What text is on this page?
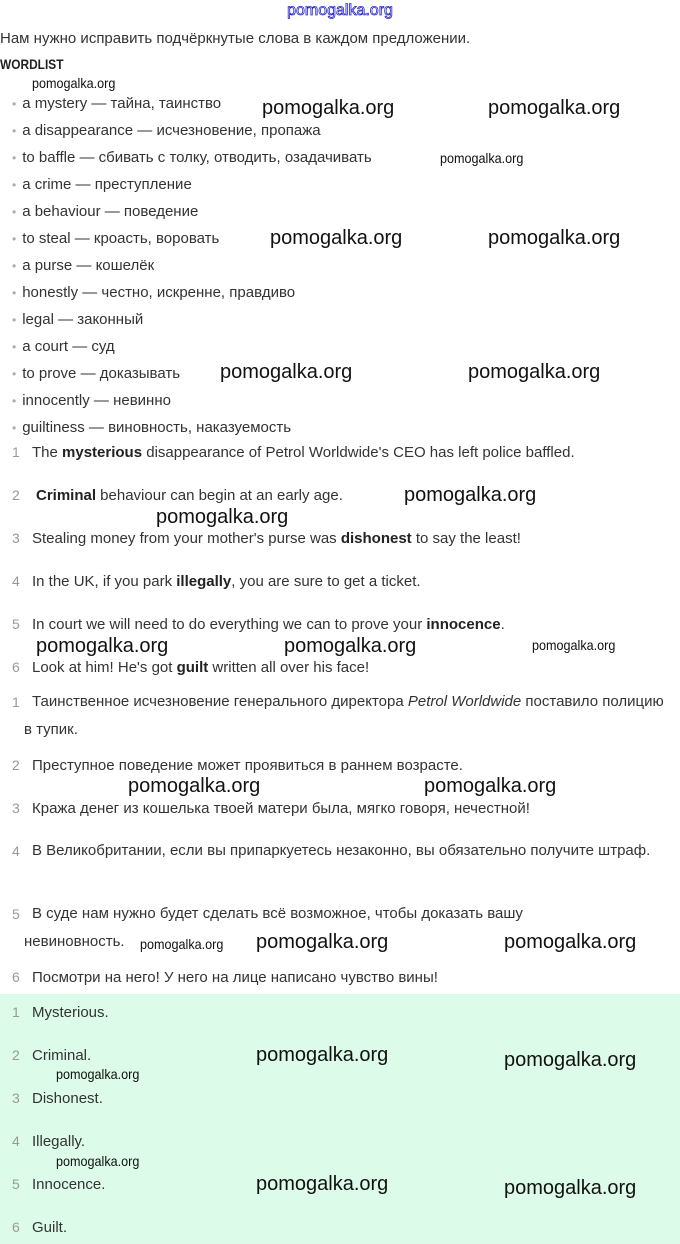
pomogalka.org
Нам нужно исправить подчёркнутые слова в каждом предложении.
WORDLIST
• a mystery — тайна, таинство
• a disappearance — исчезновение, пропажа
• to baffle — сбивать с толку, отводить, озадачивать
• a crime — преступление
• a behaviour — поведение
• to steal — кроасть, воровать
• a purse — кошелёк
• honestly — честно, искренне, правдиво
• legal — законный
• a court — суд
• to prove — доказывать
• innocently — невинно
• guiltiness — виновность, наказуемость
1 The mysterious disappearance of Petrol Worldwide's CEO has left police baffled.
2 Criminal behaviour can begin at an early age.
3 Stealing money from your mother's purse was dishonest to say the least!
4 In the UK, if you park illegally, you are sure to get a ticket.
5 In court we will need to do everything we can to prove your innocence.
6 Look at him! He's got guilt written all over his face!
1 Таинственное исчезновение генерального директора Petrol Worldwide поставило полицию в тупик.
2 Преступное поведение может проявиться в раннем возрасте.
3 Кража денег из кошелька твоей матери была, мягко говоря, нечестной!
4 В Великобритании, если вы припаркуетесь незаконно, вы обязательно получите штраф.
5 В суде нам нужно будет сделать всё возможное, чтобы доказать вашу невиновность.
6 Посмотри на него! У него на лице написано чувство вины!
1 Mysterious.
2 Criminal.
3 Dishonest.
4 Illegally.
5 Innocence.
6 Guilt.
pomogalka.org
pomogalka.org	pomogalka.org
pomogalka.org
pomogalka.org	pomogalka.org
pomogalka.org	pomogalka.org
pomogalka.org
pomogalka.org
pomogalka.org	pomogalka.org	pomogalka.org
pomogalka.org	pomogalka.org
pomogalka.org	pomogalka.org
pomogalka.org
pomogalka.org	pomogalka.org
pomogalka.org
pomogalka.org
pomogalka.org	pomogalka.org
